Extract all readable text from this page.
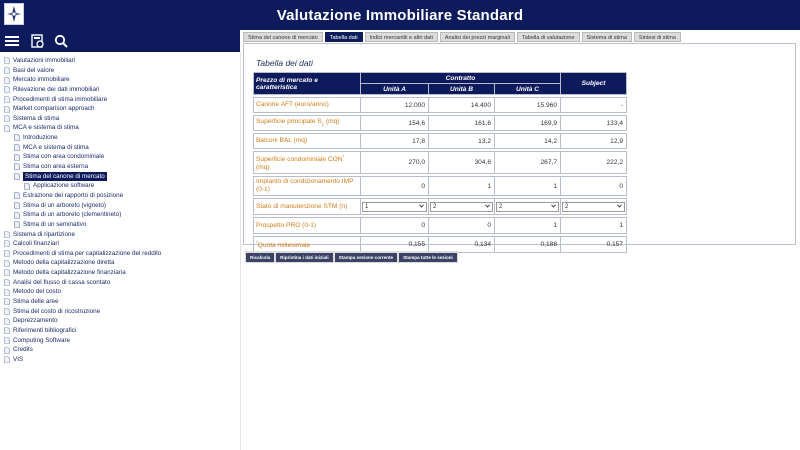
Valutazione Immobiliare Standard
Valutazioni immobiliari
Basi del valore
Mercato immobiliare
Rilevazione dei dati immobiliari
Procedimenti di stima immobiliare
Market comparison approach
Sistema di stima
MCA e sistema di stima
Introduzione
MCA e sistema di stima
Stima con area condominiale
Stima con area esterna
Stima del canone di mercato
Applicazione software
Estrazione del rapporto di posizione
Stima di un arboreto (vigneto)
Stima di un arboreto (clementineto)
Stima di un seminativo
Sistema di ripartizione
Calcoli finanziari
Procedimenti di stima per capitalizzazione del reddito
Metodo della capitalizzazione diretta
Metodo della capitalizzazione finanziaria
Analisi del flusso di cassa scontato
Metodo del costo
Stima delle aree
Stima del costo di ricostruzione
Deprezzamento
Riferimenti bibliografici
Computing Software
Credits
VIS
Stima del canone di mercato	Tabella dati	Indici mercantili e altri dati	Analisi dei prezzi marginali	Tabella di valutazione	Sistema di stima	Sintesi di stima
Tabella dei dati
Prezzo di mercato e caratteristica	Contratto			Subject
	Unità A	Unità B	Unità C	

Canone AFT (euro/anno)	12.000	14.400	15.960	-

Superficie principale $S_1$ (mq)	154,6	161,6	169,9	133,4

Balconi BAL (mq)	17,8	13,2	14,2	12,9

Superficie condominiale CON* (mq)	270,0	304,6	267,7	222,2

Impianto di condizionamento IMP (0-1)	0	1	1	0

Stato di manutenzione STM (n)	1	2	2	2

Prospetto PRO (0-1)	0	0	1	1

*Quota millesimale	0,155	0,134	0,188	0,157
Ricalcola	Ripristina i dati iniziali	Stampa sezione corrente	Stampa tutte le sezioni
